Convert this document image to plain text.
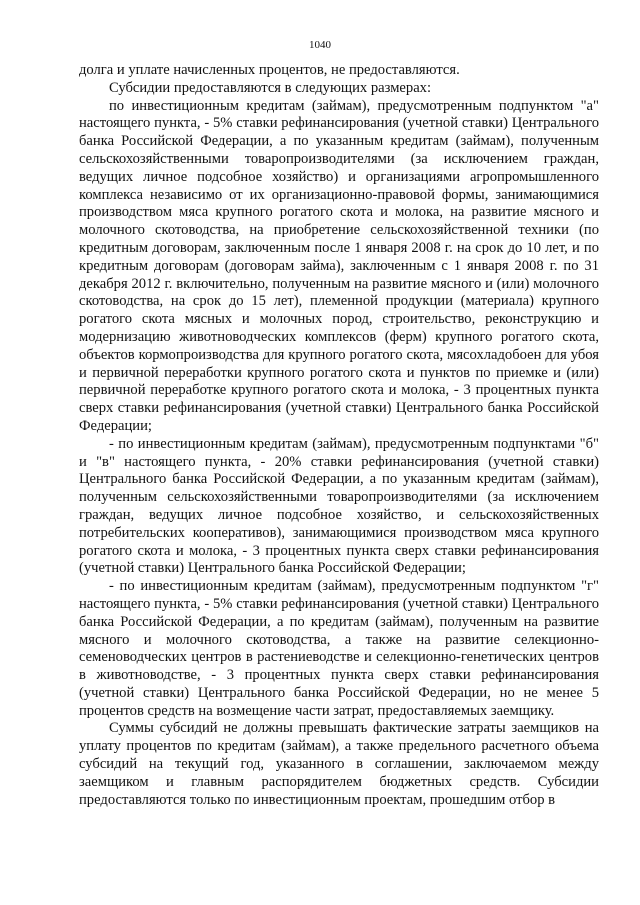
1040

долга и уплате начисленных процентов, не предоставляются.

Субсидии предоставляются в следующих размерах:

по инвестиционным кредитам (займам), предусмотренным подпунктом "а" настоящего пункта, - 5% ставки рефинансирования (учетной ставки) Центрального банка Российской Федерации, а по указанным кредитам (займам), полученным сельскохозяйственными товаропроизводителями (за исключением граждан, ведущих личное подсобное хозяйство) и организациями агропромышленного комплекса независимо от их организационно-правовой формы, занимающимися производством мяса крупного рогатого скота и молока, на развитие мясного и молочного скотоводства, на приобретение сельскохозяйственной техники (по кредитным договорам, заключенным после 1 января 2008 г. на срок до 10 лет, и по кредитным договорам (договорам займа), заключенным с 1 января 2008 г. по 31 декабря 2012 г. включительно, полученным на развитие мясного и (или) молочного скотоводства, на срок до 15 лет), племенной продукции (материала) крупного рогатого скота мясных и молочных пород, строительство, реконструкцию и модернизацию животноводческих комплексов (ферм) крупного рогатого скота, объектов кормопроизводства для крупного рогатого скота, мясохладобоен для убоя и первичной переработки крупного рогатого скота и пунктов по приемке и (или) первичной переработке крупного рогатого скота и молока, - 3 процентных пункта сверх ставки рефинансирования (учетной ставки) Центрального банка Российской Федерации;

- по инвестиционным кредитам (займам), предусмотренным подпунктами "б" и "в" настоящего пункта, - 20% ставки рефинансирования (учетной ставки) Центрального банка Российской Федерации, а по указанным кредитам (займам), полученным сельскохозяйственными товаропроизводителями (за исключением граждан, ведущих личное подсобное хозяйство, и сельскохозяйственных потребительских кооперативов), занимающимися производством мяса крупного рогатого скота и молока, - 3 процентных пункта сверх ставки рефинансирования (учетной ставки) Центрального банка Российской Федерации;

- по инвестиционным кредитам (займам), предусмотренным подпунктом "г" настоящего пункта, - 5% ставки рефинансирования (учетной ставки) Центрального банка Российской Федерации, а по кредитам (займам), полученным на развитие мясного и молочного скотоводства, а также на развитие селекционно-семеноводческих центров в растениеводстве и селекционно-генетических центров в животноводстве, - 3 процентных пункта сверх ставки рефинансирования (учетной ставки) Центрального банка Российской Федерации, но не менее 5 процентов средств на возмещение части затрат, предоставляемых заемщику.

Суммы субсидий не должны превышать фактические затраты заемщиков на уплату процентов по кредитам (займам), а также предельного расчетного объема субсидий на текущий год, указанного в соглашении, заключаемом между заемщиком и главным распорядителем бюджетных средств. Субсидии предоставляются только по инвестиционным проектам, прошедшим отбор в
